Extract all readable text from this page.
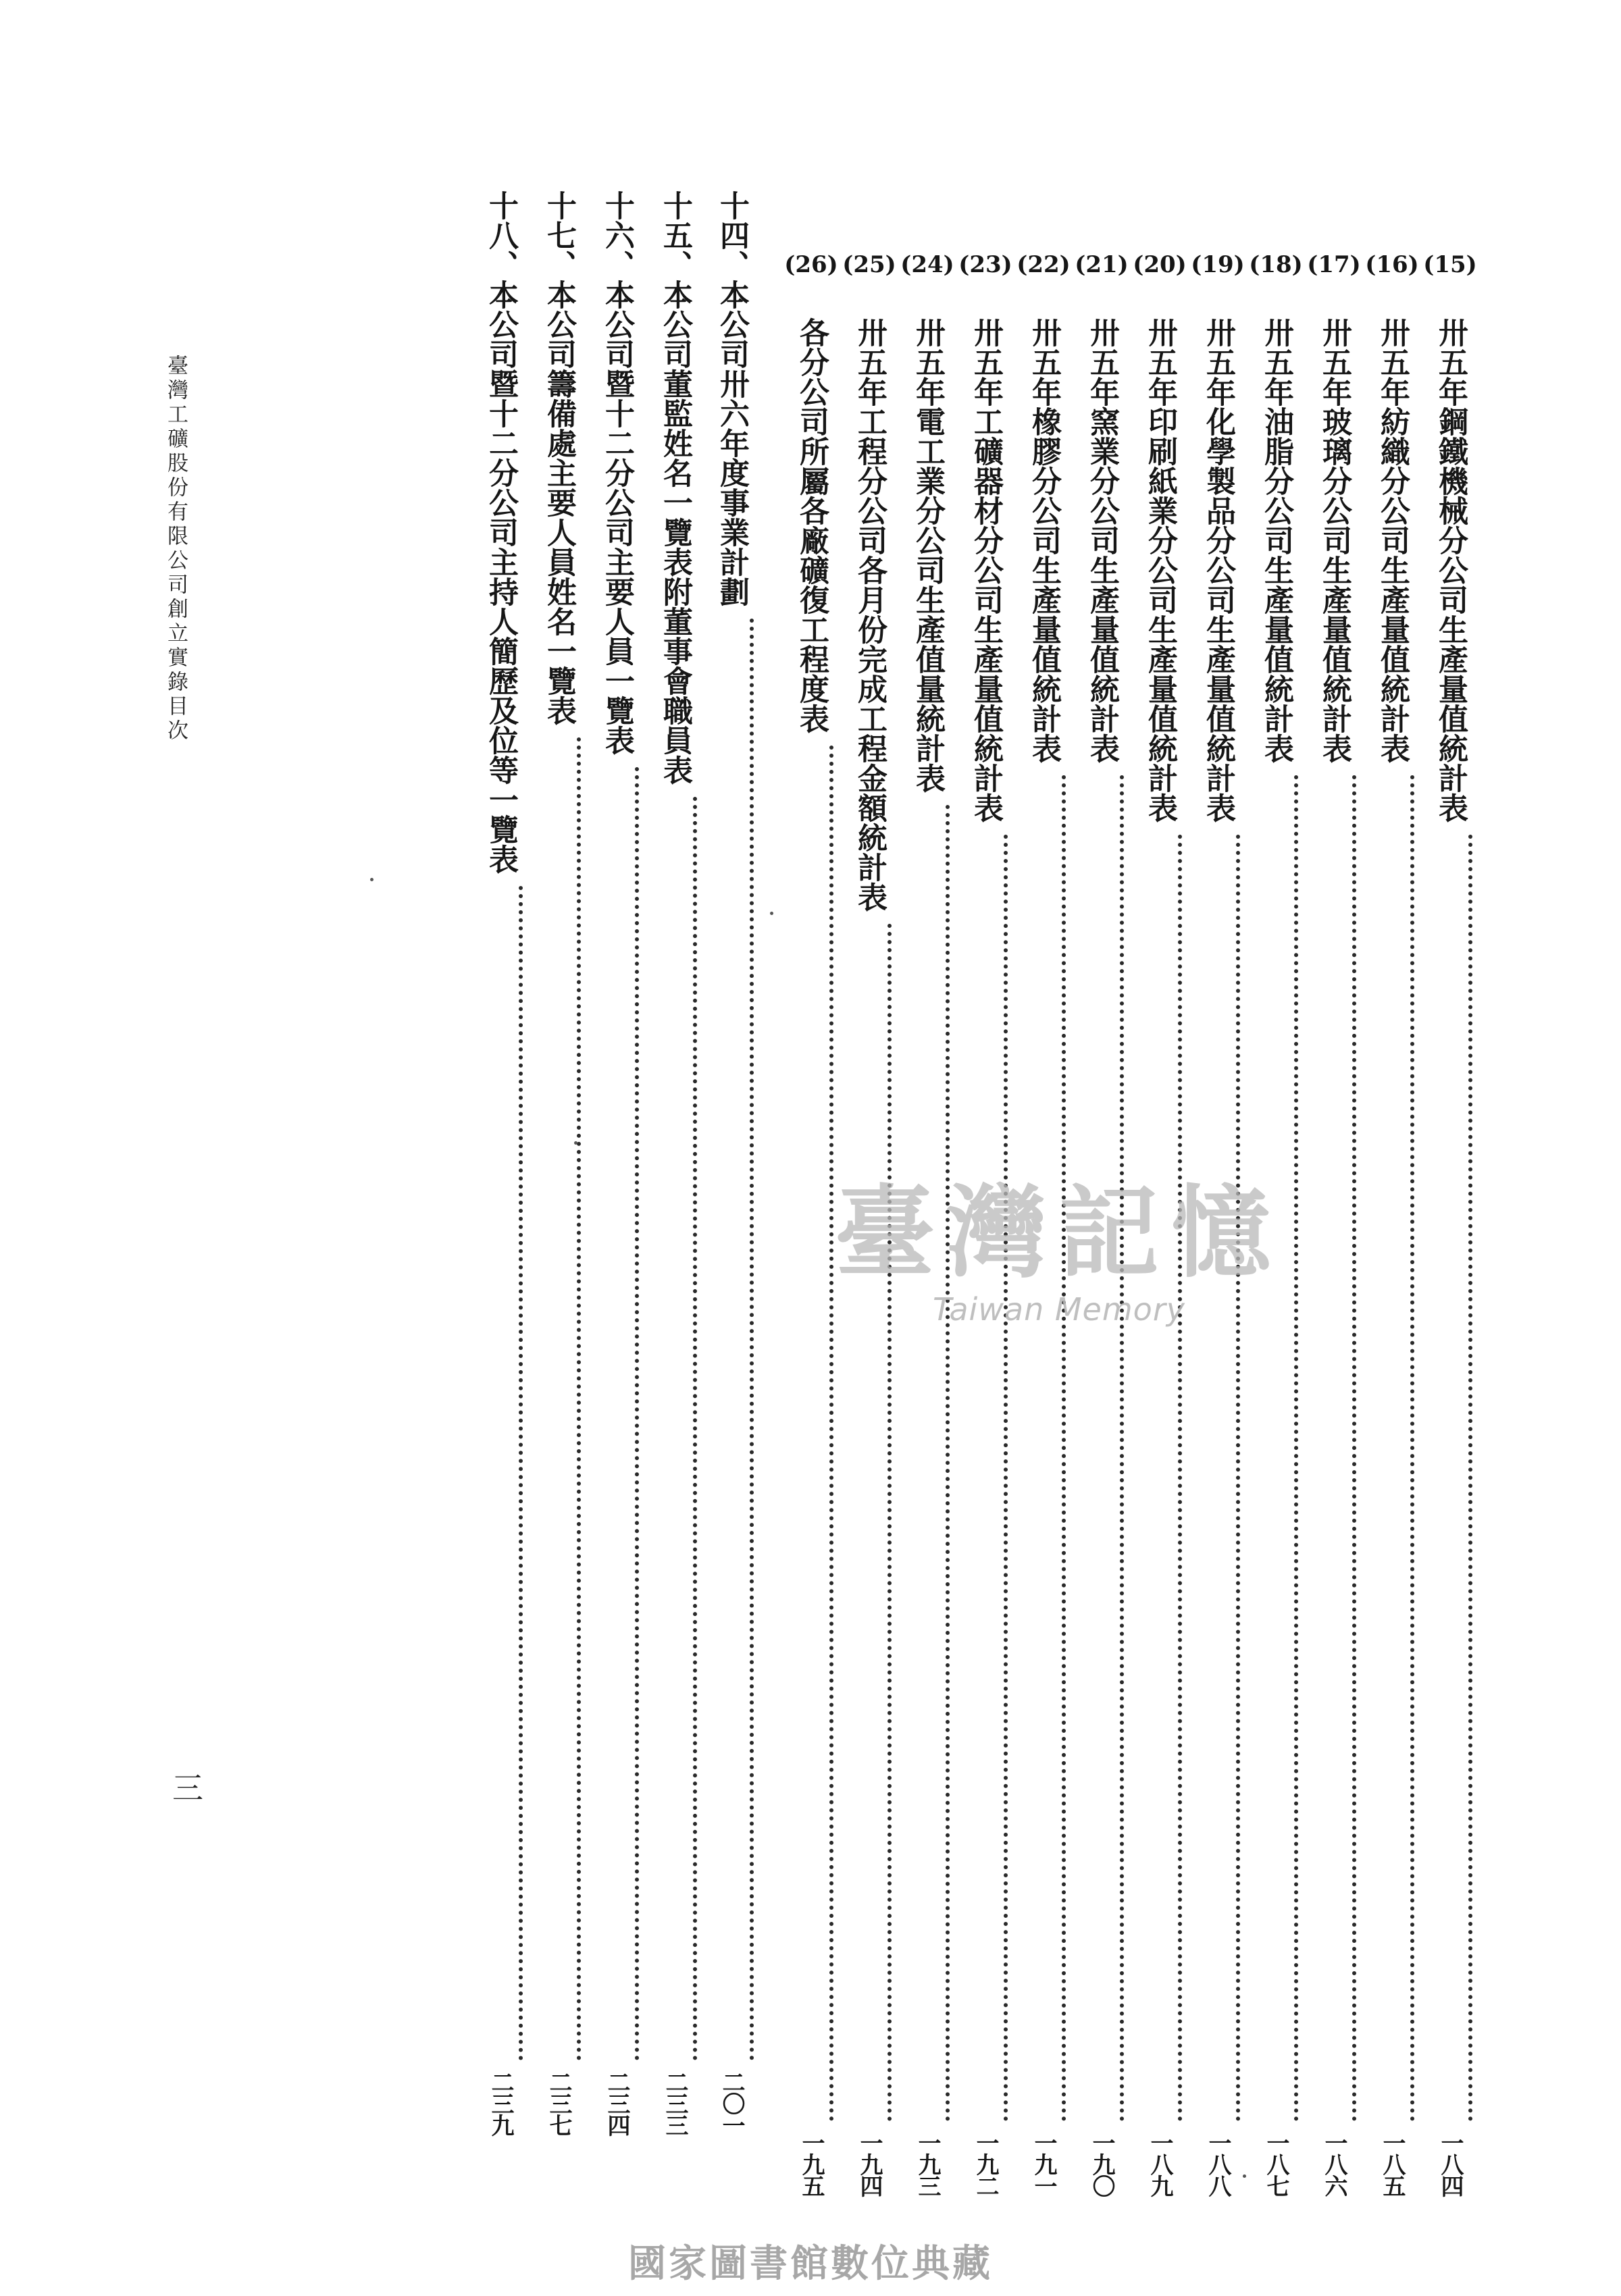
臺灣工礦股份有限公司創立實錄目次
三
(15)
卅五年鋼鐵機械分公司生產量值統計表
一八四
(16)
卅五年紡織分公司生產量值統計表
一八五
(17)
卅五年玻璃分公司生產量值統計表
一八六
(18)
卅五年油脂分公司生產量值統計表
一八七
(19)
卅五年化學製品分公司生產量值統計表
一八八
(20)
卅五年印刷紙業分公司生產量值統計表
一八九
(21)
卅五年窯業分公司生產量值統計表
一九〇
(22)
卅五年橡膠分公司生產量值統計表
一九一
(23)
卅五年工礦器材分公司生產量值統計表
一九二
(24)
卅五年電工業分公司生產值量統計表
一九三
(25)
卅五年工程分公司各月份完成工程金額統計表
一九四
(26)
各分公司所屬各廠礦復工程度表
一九五
十四、
本公司卅六年度事業計劃
二〇一
十五、
本公司董監姓名一覽表附董事會職員表
二三三
十六、
本公司暨十二分公司主要人員一覽表
二三四
十七、
本公司籌備處主要人員姓名一覽表
二三七
十八、
本公司暨十二分公司主持人簡歷及位等一覽表
二三九
臺灣記憶
Taiwan Memory
國家圖書館數位典藏
